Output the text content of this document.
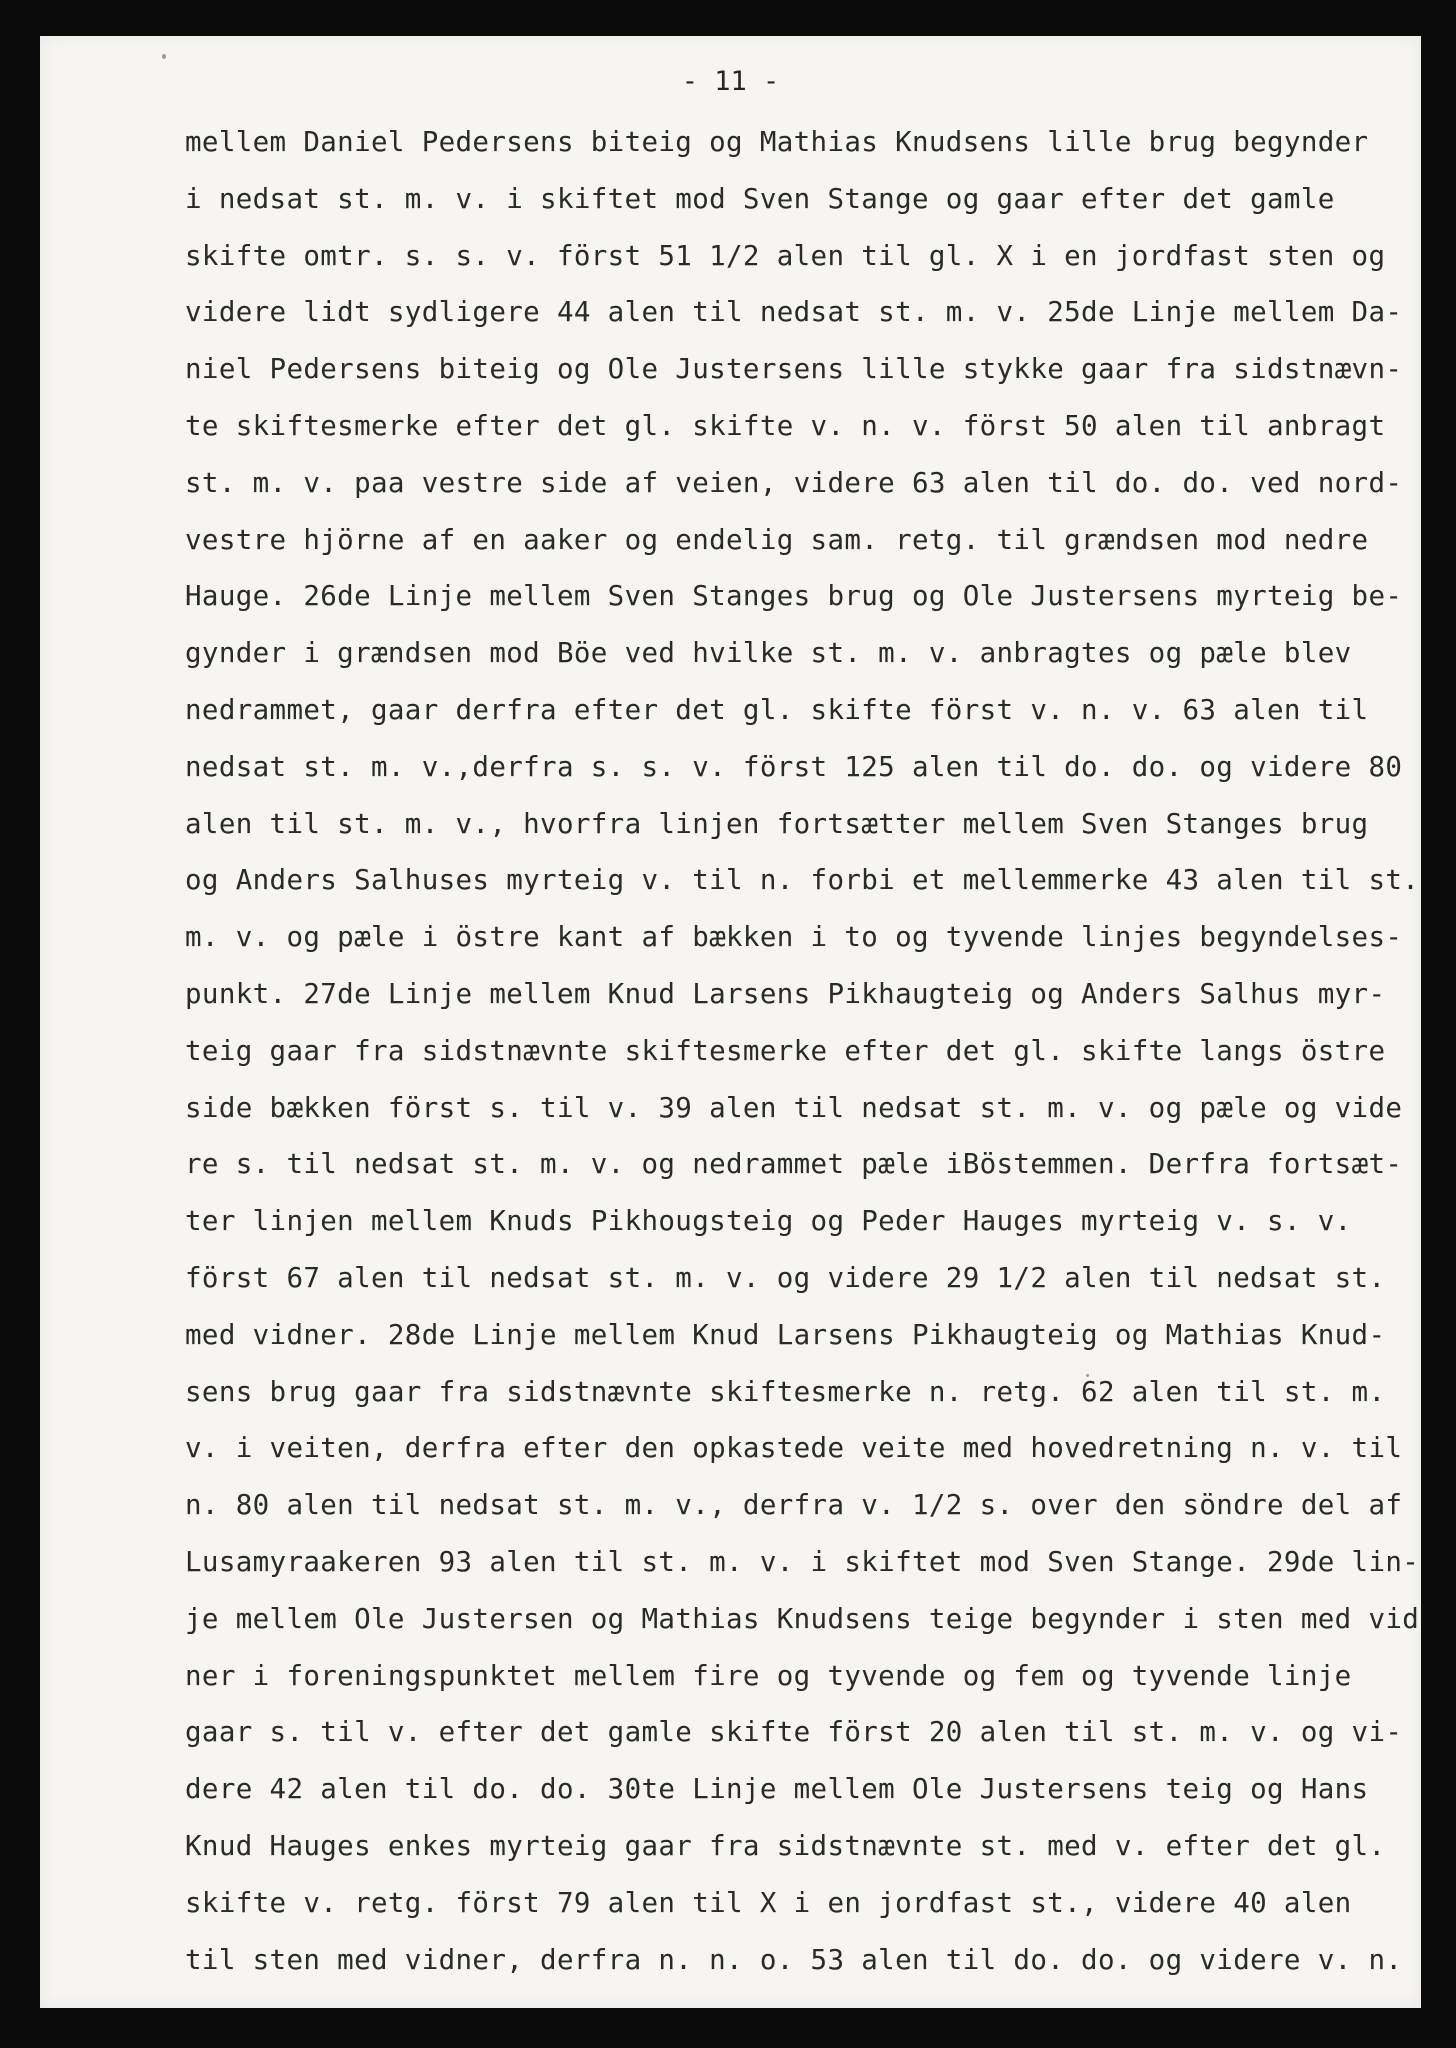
- 11 -
mellem Daniel Pedersens biteig og Mathias Knudsens lille brug begynder
i nedsat st. m. v. i skiftet mod Sven Stange og gaar efter det gamle
skifte omtr. s. s. v. först 51 1/2 alen til gl. X i en jordfast sten og
videre lidt sydligere 44 alen til nedsat st. m. v. 25de Linje mellem Da-
niel Pedersens biteig og Ole Justersens lille stykke gaar fra sidstnævn-
te skiftesmerke efter det gl. skifte v. n. v. först 50 alen til anbragt
st. m. v. paa vestre side af veien, videre 63 alen til do. do. ved nord-
vestre hjörne af en aaker og endelig sam. retg. til grændsen mod nedre
Hauge. 26de Linje mellem Sven Stanges brug og Ole Justersens myrteig be-
gynder i grændsen mod Böe ved hvilke st. m. v. anbragtes og pæle blev
nedrammet, gaar derfra efter det gl. skifte först v. n. v. 63 alen til
nedsat st. m. v.,derfra s. s. v. först 125 alen til do. do. og videre 80
alen til st. m. v., hvorfra linjen fortsætter mellem Sven Stanges brug
og Anders Salhuses myrteig v. til n. forbi et mellemmerke 43 alen til st.
m. v. og pæle i östre kant af bækken i to og tyvende linjes begyndelses-
punkt. 27de Linje mellem Knud Larsens Pikhaugteig og Anders Salhus myr-
teig gaar fra sidstnævnte skiftesmerke efter det gl. skifte langs östre
side bækken först s. til v. 39 alen til nedsat st. m. v. og pæle og vide
re s. til nedsat st. m. v. og nedrammet pæle iBöstemmen. Derfra fortsæt-
ter linjen mellem Knuds Pikhougsteig og Peder Hauges myrteig v. s. v.
först 67 alen til nedsat st. m. v. og videre 29 1/2 alen til nedsat st.
med vidner. 28de Linje mellem Knud Larsens Pikhaugteig og Mathias Knud-
sens brug gaar fra sidstnævnte skiftesmerke n. retg. 62 alen til st. m.
v. i veiten, derfra efter den opkastede veite med hovedretning n. v. til
n. 80 alen til nedsat st. m. v., derfra v. 1/2 s. over den söndre del af
Lusamyraakeren 93 alen til st. m. v. i skiftet mod Sven Stange. 29de lin-
je mellem Ole Justersen og Mathias Knudsens teige begynder i sten med vid
ner i foreningspunktet mellem fire og tyvende og fem og tyvende linje
gaar s. til v. efter det gamle skifte först 20 alen til st. m. v. og vi-
dere 42 alen til do. do. 30te Linje mellem Ole Justersens teig og Hans
Knud Hauges enkes myrteig gaar fra sidstnævnte st. med v. efter det gl.
skifte v. retg. först 79 alen til X i en jordfast st., videre 40 alen
til sten med vidner, derfra n. n. o. 53 alen til do. do. og videre v. n.
